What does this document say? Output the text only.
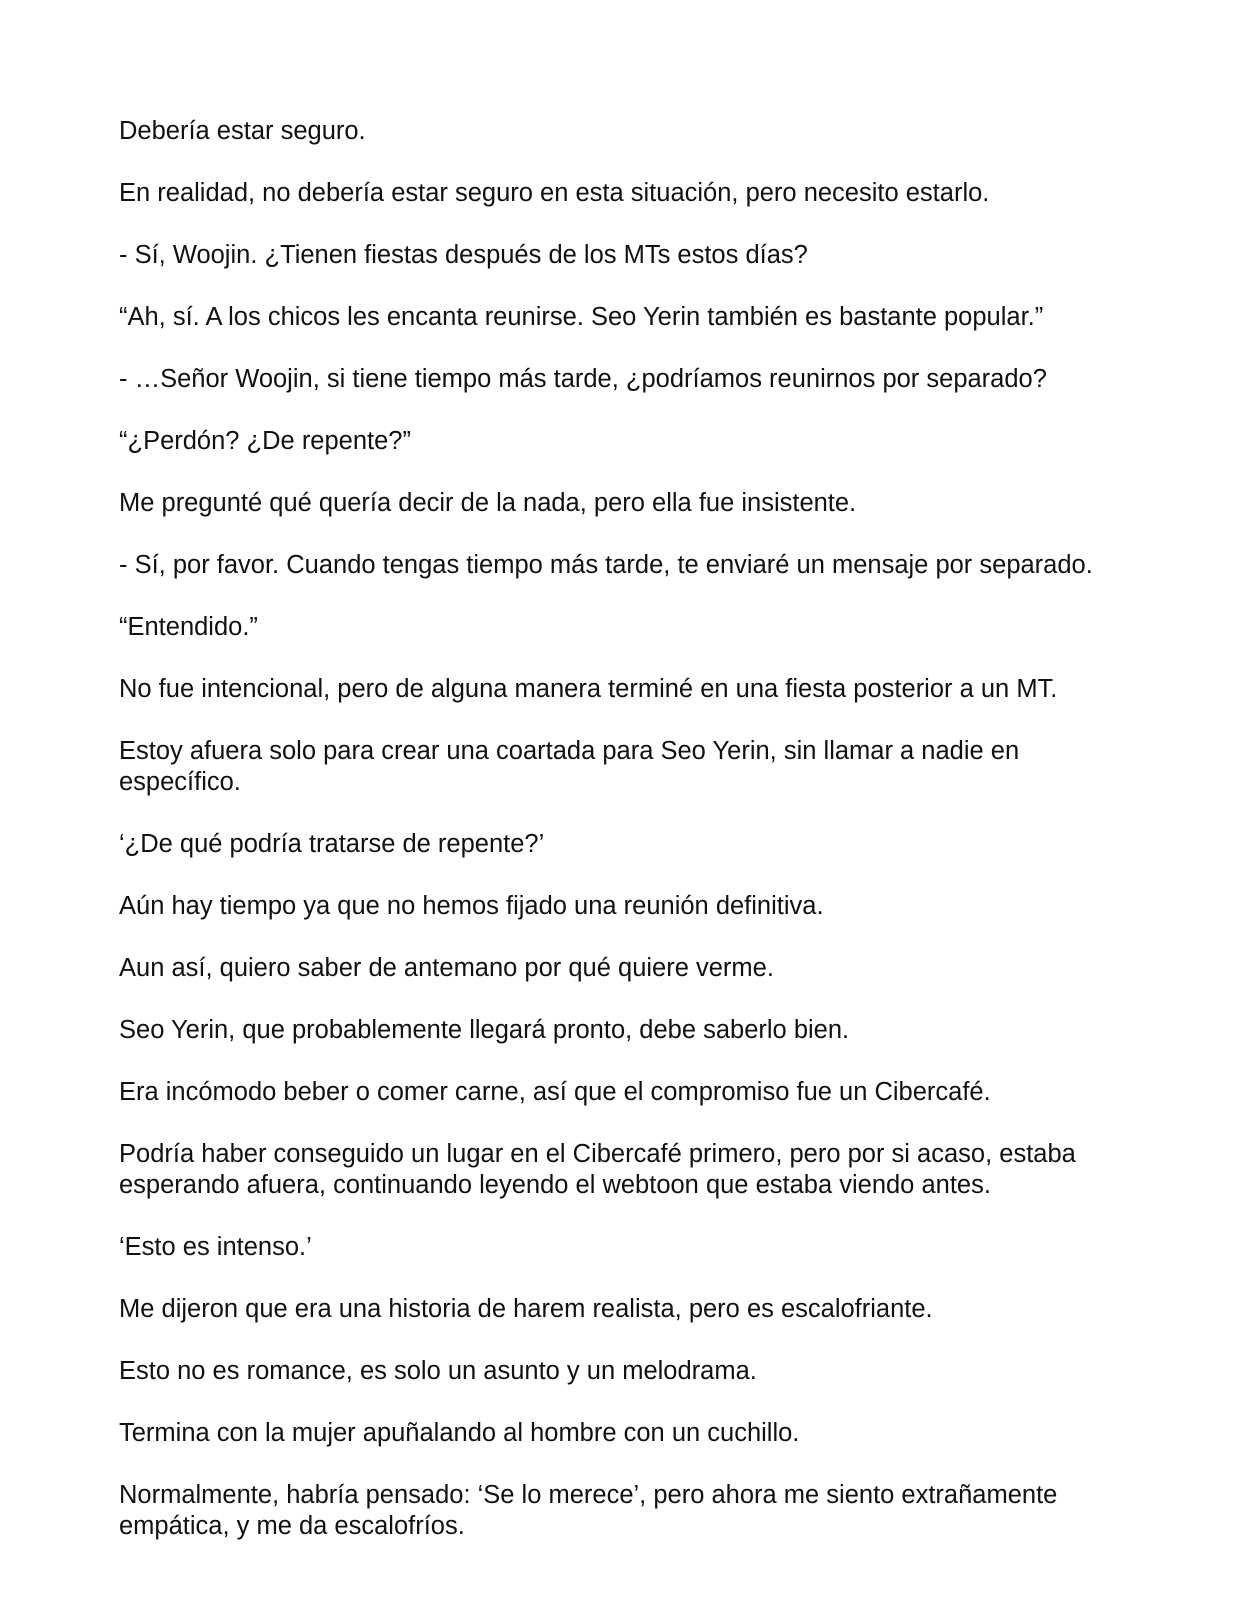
Debería estar seguro.

En realidad, no debería estar seguro en esta situación, pero necesito estarlo.

- Sí, Woojin. ¿Tienen fiestas después de los MTs estos días?

“Ah, sí. A los chicos les encanta reunirse. Seo Yerin también es bastante popular.”

- …Señor Woojin, si tiene tiempo más tarde, ¿podríamos reunirnos por separado?

“¿Perdón? ¿De repente?”

Me pregunté qué quería decir de la nada, pero ella fue insistente.

- Sí, por favor. Cuando tengas tiempo más tarde, te enviaré un mensaje por separado.

“Entendido.”

No fue intencional, pero de alguna manera terminé en una fiesta posterior a un MT.

Estoy afuera solo para crear una coartada para Seo Yerin, sin llamar a nadie en específico.

‘¿De qué podría tratarse de repente?’

Aún hay tiempo ya que no hemos fijado una reunión definitiva.

Aun así, quiero saber de antemano por qué quiere verme.

Seo Yerin, que probablemente llegará pronto, debe saberlo bien.

Era incómodo beber o comer carne, así que el compromiso fue un Cibercafé.

Podría haber conseguido un lugar en el Cibercafé primero, pero por si acaso, estaba esperando afuera, continuando leyendo el webtoon que estaba viendo antes.

‘Esto es intenso.’

Me dijeron que era una historia de harem realista, pero es escalofriante.

Esto no es romance, es solo un asunto y un melodrama.

Termina con la mujer apuñalando al hombre con un cuchillo.

Normalmente, habría pensado: ‘Se lo merece’, pero ahora me siento extrañamente empática, y me da escalofríos.
